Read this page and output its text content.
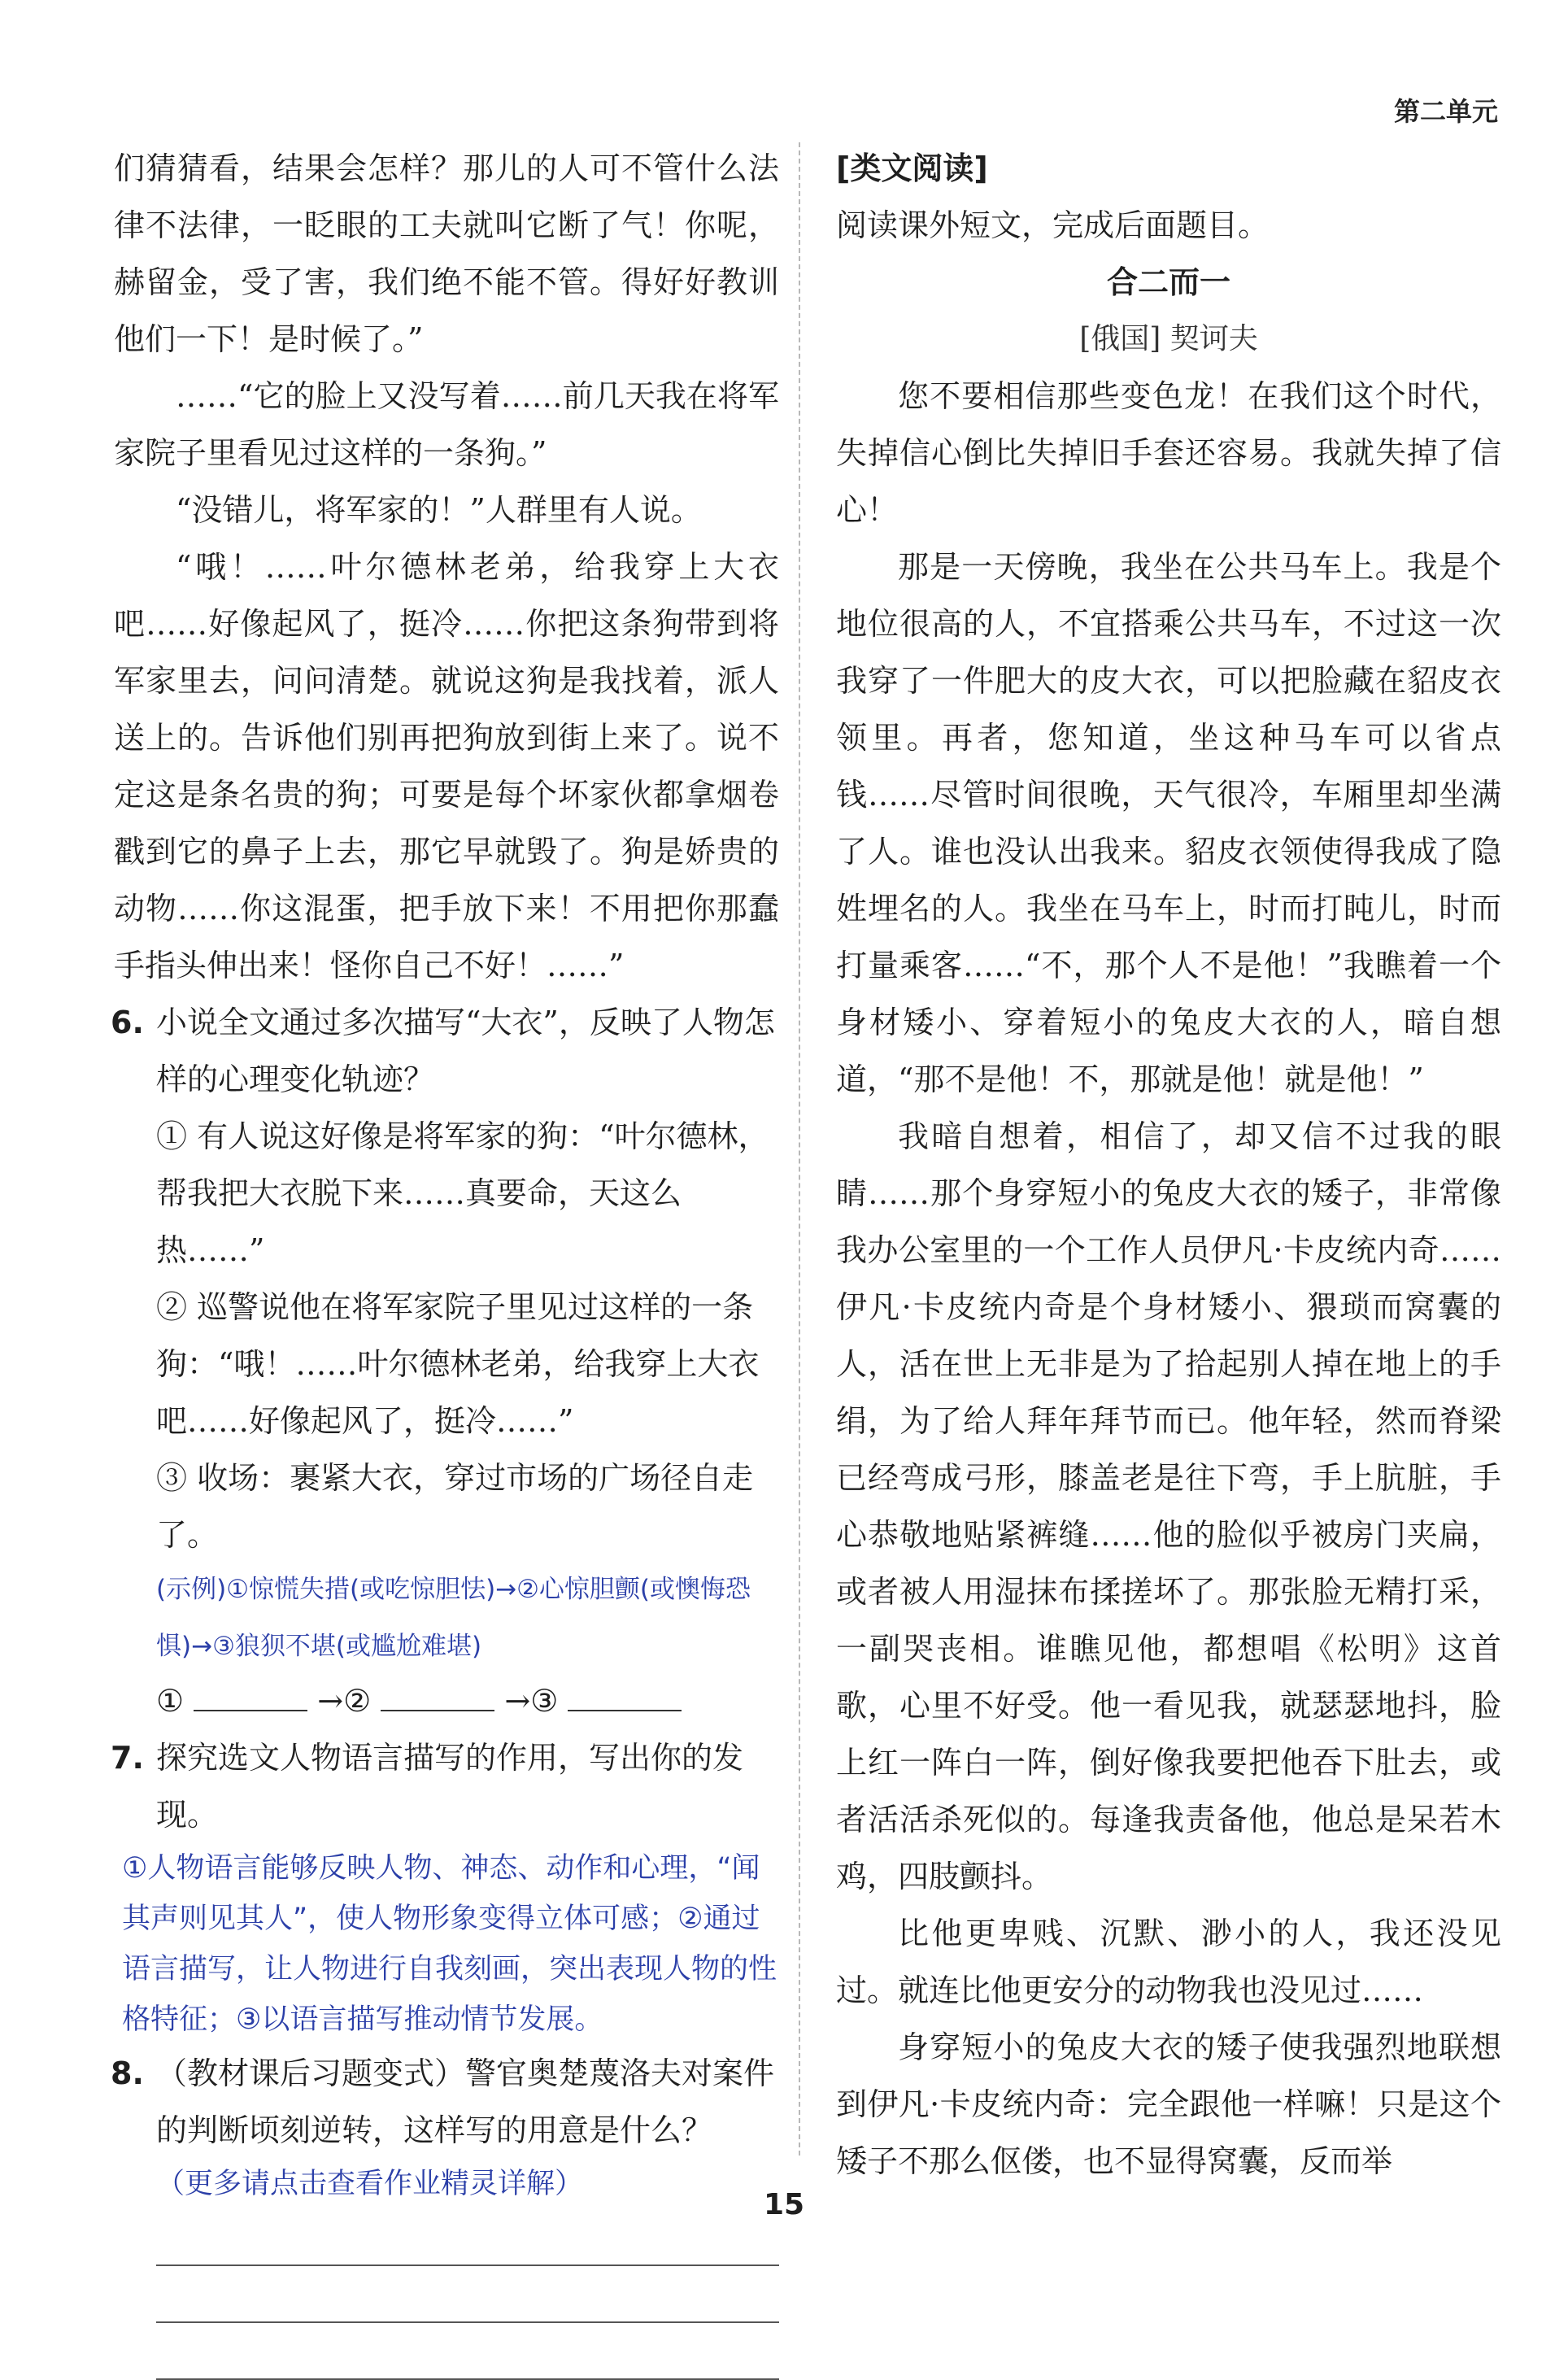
第二单元

们猜猜看，结果会怎样？那儿的人可不管什么法律不法律，一眨眼的工夫就叫它断了气！你呢，赫留金，受了害，我们绝不能不管。得好好教训他们一下！是时候了。”

……“它的脸上又没写着……前几天我在将军家院子里看见过这样的一条狗。”

“没错儿，将军家的！”人群里有人说。

“哦！……叶尔德林老弟，给我穿上大衣吧……好像起风了，挺冷……你把这条狗带到将军家里去，问问清楚。就说这狗是我找着，派人送上的。告诉他们别再把狗放到街上来了。说不定这是条名贵的狗；可要是每个坏家伙都拿烟卷戳到它的鼻子上去，那它早就毁了。狗是娇贵的动物……你这混蛋，把手放下来！不用把你那蠢手指头伸出来！怪你自己不好！……”

6. 小说全文通过多次描写“大衣”，反映了人物怎样的心理变化轨迹？

① 有人说这好像是将军家的狗：“叶尔德林，帮我把大衣脱下来……真要命，天这么热……”

② 巡警说他在将军家院子里见过这样的一条狗：“哦！……叶尔德林老弟，给我穿上大衣吧……好像起风了，挺冷……”

③ 收场：裹紧大衣，穿过市场的广场径自走了。

(示例)①惊慌失措(或吃惊胆怯)→②心惊胆颤(或懊悔恐惧)→③狼狈不堪(或尴尬难堪)

①	→②	→③

7. 探究选文人物语言描写的作用，写出你的发现。

①人物语言能够反映人物、神态、动作和心理，“闻其声则见其人”，使人物形象变得立体可感；②通过语言描写，让人物进行自我刻画，突出表现人物的性格特征；③以语言描写推动情节发展。

8. （教材课后习题变式）警官奥楚蔑洛夫对案件的判断顷刻逆转，这样写的用意是什么？

（更多请点击查看作业精灵详解）

[类文阅读]

阅读课外短文，完成后面题目。

合二而一

[俄国] 契诃夫

您不要相信那些变色龙！在我们这个时代，失掉信心倒比失掉旧手套还容易。我就失掉了信心！

那是一天傍晚，我坐在公共马车上。我是个地位很高的人，不宜搭乘公共马车，不过这一次我穿了一件肥大的皮大衣，可以把脸藏在貂皮衣领里。再者，您知道，坐这种马车可以省点钱……尽管时间很晚，天气很冷，车厢里却坐满了人。谁也没认出我来。貂皮衣领使得我成了隐姓埋名的人。我坐在马车上，时而打盹儿，时而打量乘客……“不，那个人不是他！”我瞧着一个身材矮小、穿着短小的兔皮大衣的人，暗自想道，“那不是他！不，那就是他！就是他！”

我暗自想着，相信了，却又信不过我的眼睛……那个身穿短小的兔皮大衣的矮子，非常像我办公室里的一个工作人员伊凡·卡皮统内奇……伊凡·卡皮统内奇是个身材矮小、猥琐而窝囊的人，活在世上无非是为了拾起别人掉在地上的手绢，为了给人拜年拜节而已。他年轻，然而脊梁已经弯成弓形，膝盖老是往下弯，手上肮脏，手心恭敬地贴紧裤缝……他的脸似乎被房门夹扁，或者被人用湿抹布揉搓坏了。那张脸无精打采，一副哭丧相。谁瞧见他，都想唱《松明》这首歌，心里不好受。他一看见我，就瑟瑟地抖，脸上红一阵白一阵，倒好像我要把他吞下肚去，或者活活杀死似的。每逢我责备他，他总是呆若木鸡，四肢颤抖。

比他更卑贱、沉默、渺小的人，我还没见过。就连比他更安分的动物我也没见过……

身穿短小的兔皮大衣的矮子使我强烈地联想到伊凡·卡皮统内奇：完全跟他一样嘛！只是这个矮子不那么伛偻，也不显得窝囊，反而举

15
